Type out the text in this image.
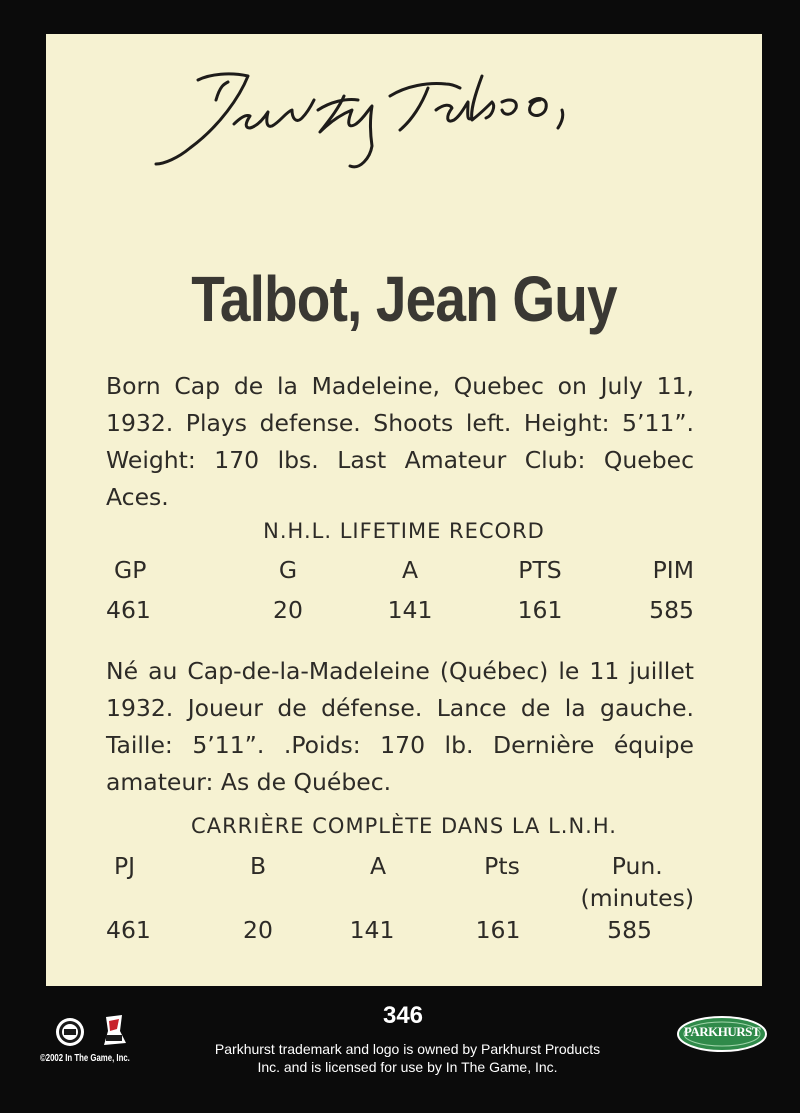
Talbot, Jean Guy
Born Cap de la Madeleine, Quebec on July 11, 1932. Plays defense. Shoots left. Height: 5’11”. Weight: 170 lbs. Last Amateur Club: Quebec Aces.
N.H.L. LIFETIME RECORD
GP	G	A	PTS	PIM
461	20	141	161	585
Né au Cap-de-la-Madeleine (Québec) le 11 juillet 1932. Joueur de défense. Lance de la gauche. Taille: 5’11”. .Poids: 170 lb. Dernière équipe amateur: As de Québec.
CARRIÈRE COMPLÈTE DANS LA L.N.H.
PJ	B	A	Pts	Pun.
(minutes)
461	20	141	161	585
©2002 In The Game, Inc.
346
Parkhurst trademark and logo is owned by Parkhurst Products
Inc. and is licensed for use by In The Game, Inc.
PARKHURST
